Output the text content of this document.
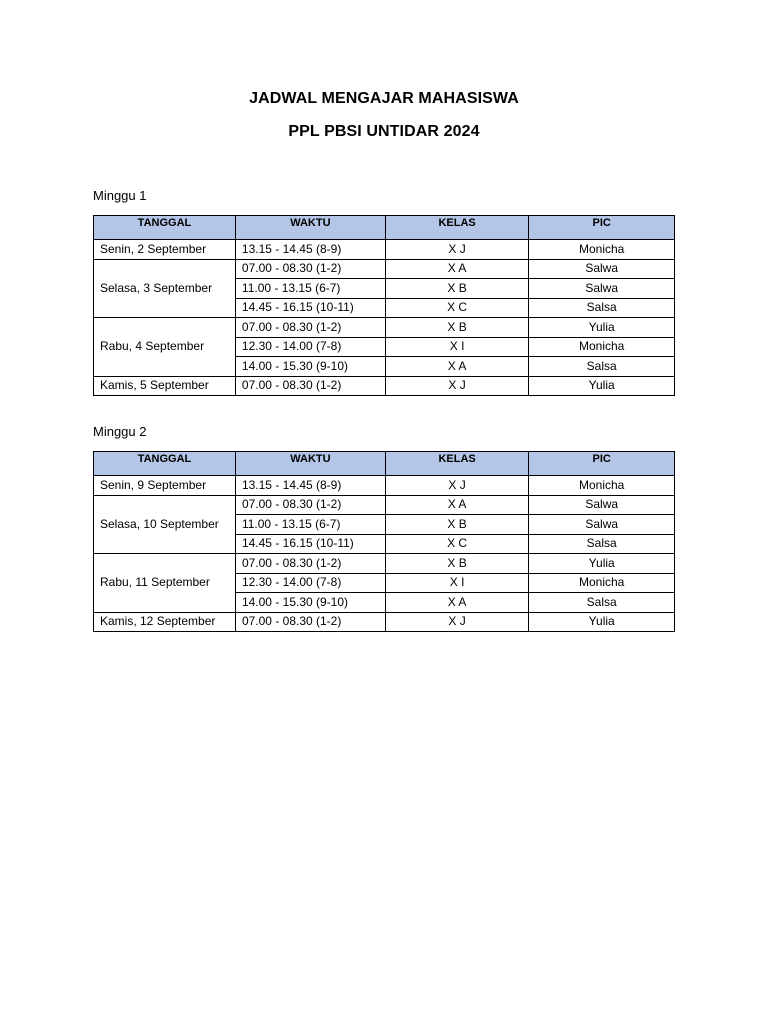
JADWAL MENGAJAR MAHASISWA
PPL PBSI UNTIDAR 2024
Minggu 1
TANGGAL	WAKTU	KELAS	PIC
Senin, 2 September	13.15 - 14.45 (8-9)	X J	Monicha
Selasa, 3 September	07.00 - 08.30 (1-2)	X A	Salwa
	11.00 - 13.15 (6-7)	X B	Salwa
	14.45 - 16.15 (10-11)	X C	Salsa
Rabu, 4 September	07.00 - 08.30 (1-2)	X B	Yulia
	12.30 - 14.00 (7-8)	X I	Monicha
	14.00 - 15.30 (9-10)	X A	Salsa
Kamis, 5 September	07.00 - 08.30 (1-2)	X J	Yulia
Minggu 2
TANGGAL	WAKTU	KELAS	PIC
Senin, 9 September	13.15 - 14.45 (8-9)	X J	Monicha
Selasa, 10 September	07.00 - 08.30 (1-2)	X A	Salwa
	11.00 - 13.15 (6-7)	X B	Salwa
	14.45 - 16.15 (10-11)	X C	Salsa
Rabu, 11 September	07.00 - 08.30 (1-2)	X B	Yulia
	12.30 - 14.00 (7-8)	X I	Monicha
	14.00 - 15.30 (9-10)	X A	Salsa
Kamis, 12 September	07.00 - 08.30 (1-2)	X J	Yulia
